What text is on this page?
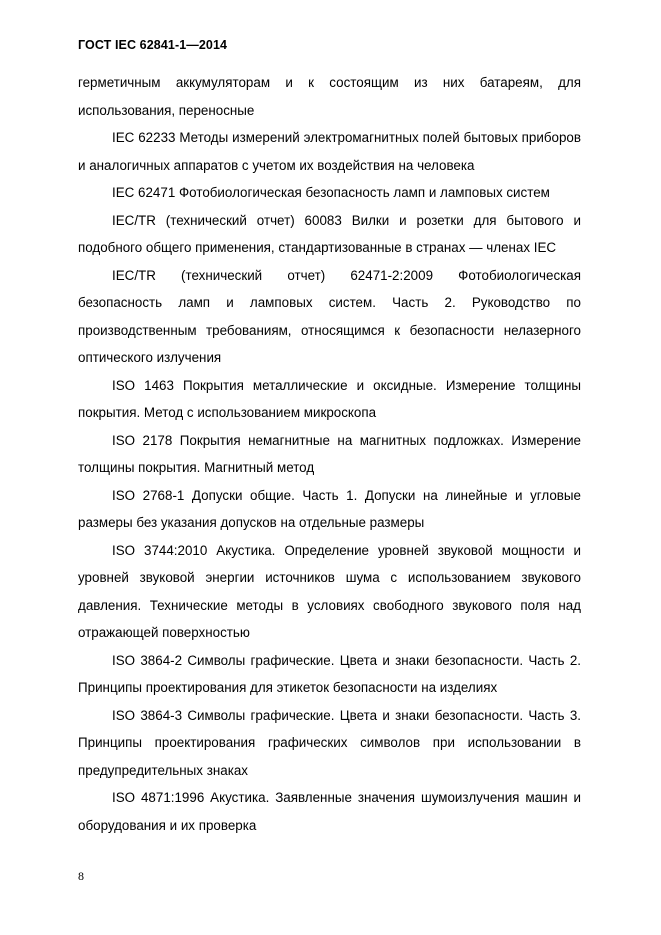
ГОСТ IEC 62841-1—2014

герметичным аккумуляторам и к состоящим из них батареям, для использования, переносные

IEC 62233 Методы измерений электромагнитных полей бытовых приборов и аналогичных аппаратов с учетом их воздействия на человека

IEC 62471 Фотобиологическая безопасность ламп и ламповых систем

IEC/TR (технический отчет) 60083 Вилки и розетки для бытового и подобного общего применения, стандартизованные в странах — членах IEC

IEC/TR (технический отчет) 62471-2:2009 Фотобиологическая безопасность ламп и ламповых систем. Часть 2. Руководство по производственным требованиям, относящимся к безопасности нелазерного оптического излучения

ISO 1463 Покрытия металлические и оксидные. Измерение толщины покрытия. Метод с использованием микроскопа

ISO 2178 Покрытия немагнитные на магнитных подложках. Измерение толщины покрытия. Магнитный метод

ISO 2768-1 Допуски общие. Часть 1. Допуски на линейные и угловые размеры без указания допусков на отдельные размеры

ISO 3744:2010 Акустика. Определение уровней звуковой мощности и уровней звуковой энергии источников шума с использованием звукового давления. Технические методы в условиях свободного звукового поля над отражающей поверхностью

ISO 3864-2 Символы графические. Цвета и знаки безопасности. Часть 2. Принципы проектирования для этикеток безопасности на изделиях

ISO 3864-3 Символы графические. Цвета и знаки безопасности. Часть 3. Принципы проектирования графических символов при использовании в предупредительных знаках

ISO 4871:1996 Акустика. Заявленные значения шумоизлучения машин и оборудования и их проверка

8
